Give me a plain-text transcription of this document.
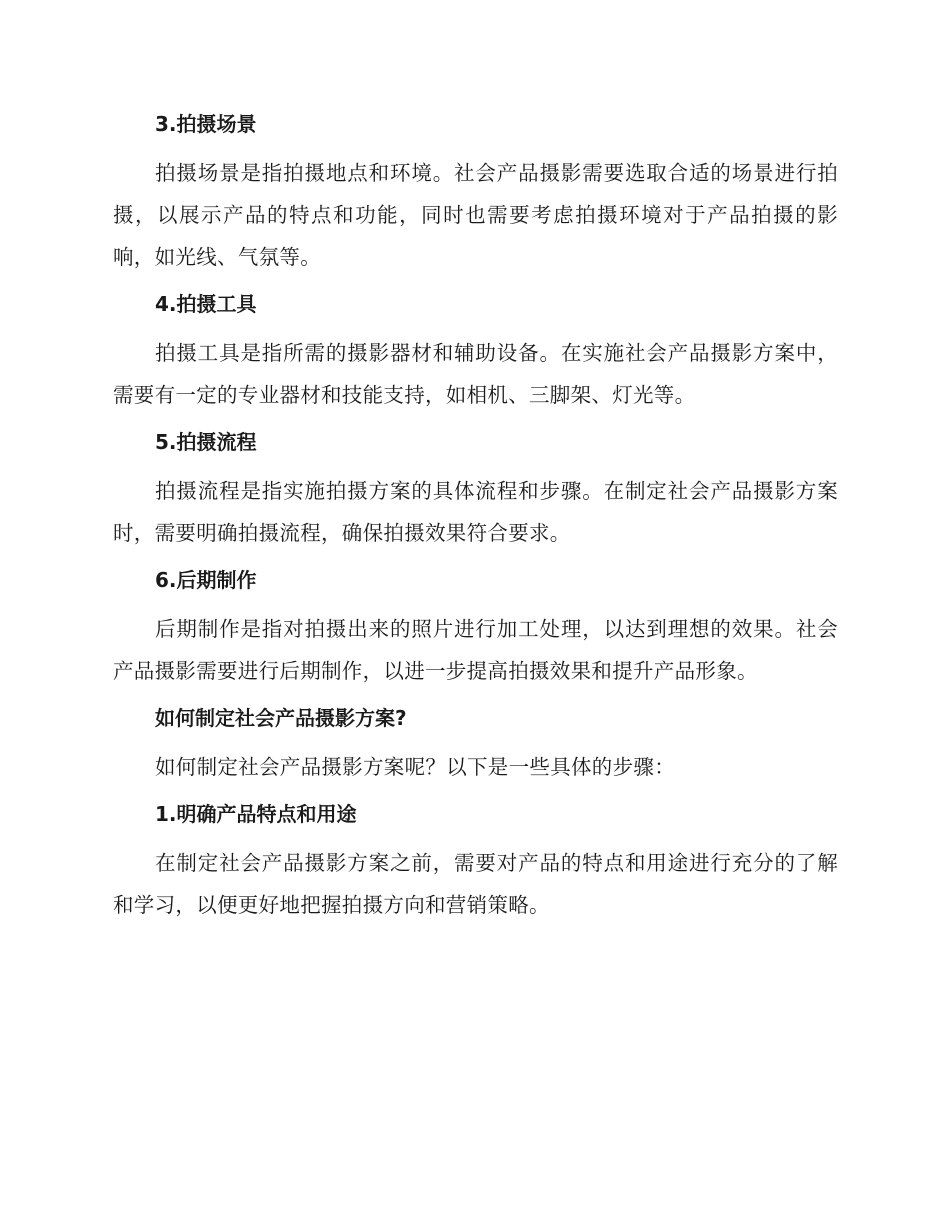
3.拍摄场景

拍摄场景是指拍摄地点和环境。社会产品摄影需要选取合适的场景进行拍摄，以展示产品的特点和功能，同时也需要考虑拍摄环境对于产品拍摄的影响，如光线、气氛等。

4.拍摄工具

拍摄工具是指所需的摄影器材和辅助设备。在实施社会产品摄影方案中，需要有一定的专业器材和技能支持，如相机、三脚架、灯光等。

5.拍摄流程

拍摄流程是指实施拍摄方案的具体流程和步骤。在制定社会产品摄影方案时，需要明确拍摄流程，确保拍摄效果符合要求。

6.后期制作

后期制作是指对拍摄出来的照片进行加工处理，以达到理想的效果。社会产品摄影需要进行后期制作，以进一步提高拍摄效果和提升产品形象。

如何制定社会产品摄影方案?

如何制定社会产品摄影方案呢？以下是一些具体的步骤：

1.明确产品特点和用途

在制定社会产品摄影方案之前，需要对产品的特点和用途进行充分的了解和学习，以便更好地把握拍摄方向和营销策略。
